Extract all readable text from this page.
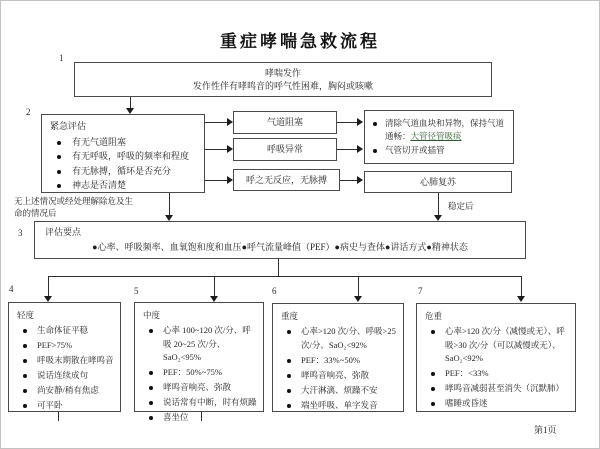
重症哮喘急救流程
1
哮喘发作
发作性伴有哮鸣音的呼气性困难，胸闷或咳嗽
2
紧急评估
有无气道阻塞
有无呼吸，呼吸的频率和程度
有无脉搏，循环是否充分
神志是否清楚
气道阻塞
呼吸异常
呼之无反应，无脉搏
清除气道血块和异物，保持气道通畅：大管径管吸痰
气管切开或插管
心肺复苏
无上述情况或经处理解除危及生
命的情况后
稳定后
3	评估要点
●心率、呼吸频率、血氧饱和度和血压●呼气流量峰值（PEF）●病史与查体●讲话方式●精神状态
4	5	6	7
轻度
生命体征平稳
PEF>75%
呼吸末期散在哮鸣音
说话连续成句
尚安静/稍有焦虑
可平卧
中度
心率 100~120 次/分、呼吸 20~25 次/分、SaO₂<95%
PEF：50%~75%
哮鸣音响亮、弥散
说话常有中断，时有烦躁
喜坐位
重度
心率>120 次/分、呼吸>25 次/分、SaO₂<92%
PEF：33%~50%
哮鸣音响亮、弥散
大汗淋漓、烦躁不安
端坐呼吸、单字发音
危重
心率>120 次/分（减慢或无）、呼吸>30 次/分（可以减慢或无）、SaO₂<92%
PEF：<33%
哮鸣音减弱甚至消失（沉默肺）
嗜睡或昏迷
第1页
